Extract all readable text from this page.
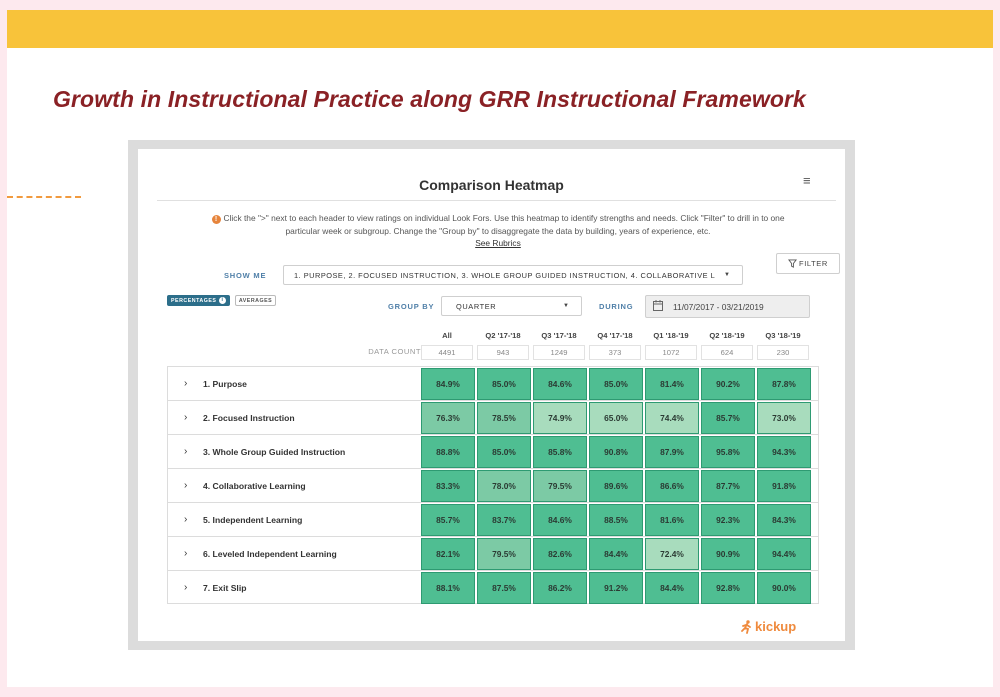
Growth in Instructional Practice along GRR Instructional Framework
Comparison Heatmap	≡
! Click the ">" next to each header to view ratings on individual Look Fors. Use this heatmap to identify strengths and needs. Click "Filter" to drill in to one
particular week or subgroup. Change the "Group by" to disaggregate the data by building, years of experience, etc.
See Rubrics
FILTER
SHOW ME	1. PURPOSE, 2. FOCUSED INSTRUCTION, 3. WHOLE GROUP GUIDED INSTRUCTION, 4. COLLABORATIVE L	▼
PERCENTAGES	i	AVERAGES
GROUP BY	QUARTER	▼	DURING	11/07/2017 - 03/21/2019
All	Q2 '17-'18	Q3 '17-'18	Q4 '17-'18	Q1 '18-'19	Q2 '18-'19	Q3 '18-'19
DATA COUNT	4491	943	1249	373	1072	624	230
› 1. Purpose	84.9%	85.0%	84.6%	85.0%	81.4%	90.2%	87.8%
› 2. Focused Instruction	76.3%	78.5%	74.9%	65.0%	74.4%	85.7%	73.0%
› 3. Whole Group Guided Instruction	88.8%	85.0%	85.8%	90.8%	87.9%	95.8%	94.3%
› 4. Collaborative Learning	83.3%	78.0%	79.5%	89.6%	86.6%	87.7%	91.8%
› 5. Independent Learning	85.7%	83.7%	84.6%	88.5%	81.6%	92.3%	84.3%
› 6. Leveled Independent Learning	82.1%	79.5%	82.6%	84.4%	72.4%	90.9%	94.4%
› 7. Exit Slip	88.1%	87.5%	86.2%	91.2%	84.4%	92.8%	90.0%
kickup
